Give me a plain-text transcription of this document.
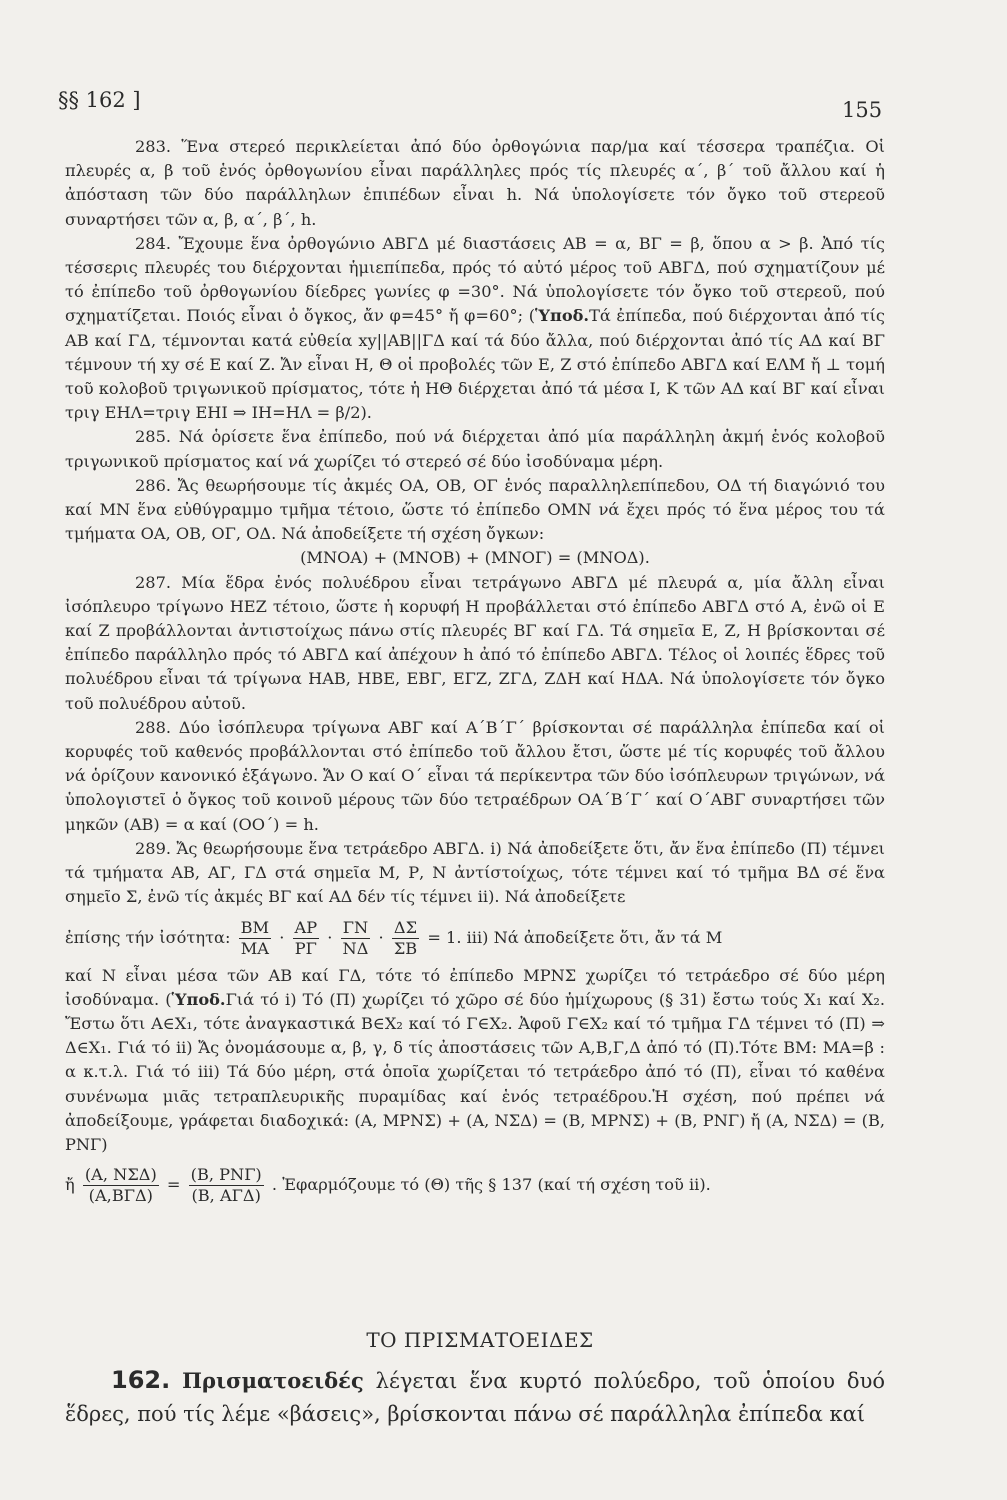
§§ 162 ]	155

283. Ἕνα στερεό περικλείεται ἀπό δύο ὀρθογώνια παρ/μα καί τέσσερα τραπέζια. Οἱ πλευρές α, β τοῦ ἑνός ὀρθογωνίου εἶναι παράλληλες πρός τίς πλευρές α΄, β΄ τοῦ ἄλλου καί ἡ ἀπόσταση τῶν δύο παράλληλων ἐπιπέδων εἶναι h. Νά ὑπολογίσετε τόν ὄγκο τοῦ στερεοῦ συναρτήσει τῶν α, β, α΄, β΄, h.

284. Ἔχουμε ἕνα ὀρθογώνιο ΑΒΓΔ μέ διαστάσεις ΑΒ = α, ΒΓ = β, ὅπου α > β. Ἀπό τίς τέσσερις πλευρές του διέρχονται ἡμιεπίπεδα, πρός τό αὐτό μέρος τοῦ ΑΒΓΔ, πού σχηματίζουν μέ τό ἐπίπεδο τοῦ ὀρθογωνίου δίεδρες γωνίες φ =30°. Νά ὑπολογίσετε τόν ὄγκο τοῦ στερεοῦ, πού σχηματίζεται. Ποιός εἶναι ὁ ὄγκος, ἄν φ=45° ἤ φ=60°; (Ὑποδ.Τά ἐπίπεδα, πού διέρχονται ἀπό τίς ΑΒ καί ΓΔ, τέμνονται κατά εὐθεία xy||AB||ΓΔ καί τά δύο ἄλλα, πού διέρχονται ἀπό τίς ΑΔ καί ΒΓ τέμνουν τή xy σέ Ε καί Ζ. Ἄν εἶναι Η, Θ οἱ προβολές τῶν Ε, Ζ στό ἐπίπεδο ΑΒΓΔ καί ΕΛΜ ἤ ⊥ τομή τοῦ κολοβοῦ τριγωνικοῦ πρίσματος, τότε ἡ ΗΘ διέρχεται ἀπό τά μέσα Ι, Κ τῶν ΑΔ καί ΒΓ καί εἶναι τριγ ΕΗΛ=τριγ ΕΗΙ ⇒ ΙΗ=ΗΛ = β/2).

285. Νά ὁρίσετε ἕνα ἐπίπεδο, πού νά διέρχεται ἀπό μία παράλληλη ἀκμή ἑνός κολοβοῦ τριγωνικοῦ πρίσματος καί νά χωρίζει τό στερεό σέ δύο ἰσοδύναμα μέρη.

286. Ἄς θεωρήσουμε τίς ἀκμές ΟΑ, ΟΒ, ΟΓ ἑνός παραλληλεπίπεδου, ΟΔ τή διαγώνιό του καί ΜΝ ἕνα εὐθύγραμμο τμῆμα τέτοιο, ὥστε τό ἐπίπεδο ΟΜΝ νά ἔχει πρός τό ἕνα μέρος του τά τμήματα ΟΑ, ΟΒ, ΟΓ, ΟΔ. Νά ἀποδείξετε τή σχέση ὄγκων:

(ΜΝΟΑ) + (ΜΝΟΒ) + (ΜΝΟΓ) = (ΜΝΟΔ).

287. Μία ἕδρα ἑνός πολυέδρου εἶναι τετράγωνο ΑΒΓΔ μέ πλευρά α, μία ἄλλη εἶναι ἰσόπλευρο τρίγωνο ΗΕΖ τέτοιο, ὥστε ἡ κορυφή Η προβάλλεται στό ἐπίπεδο ΑΒΓΔ στό Α, ἐνῶ οἱ Ε καί Ζ προβάλλονται ἀντιστοίχως πάνω στίς πλευρές ΒΓ καί ΓΔ. Τά σημεῖα Ε, Ζ, Η βρίσκονται σέ ἐπίπεδο παράλληλο πρός τό ΑΒΓΔ καί ἀπέχουν h ἀπό τό ἐπίπεδο ΑΒΓΔ. Τέλος οἱ λοιπές ἕδρες τοῦ πολυέδρου εἶναι τά τρίγωνα ΗΑΒ, ΗΒΕ, ΕΒΓ, ΕΓΖ, ΖΓΔ, ΖΔΗ καί ΗΔΑ. Νά ὑπολογίσετε τόν ὄγκο τοῦ πολυέδρου αὐτοῦ.

288. Δύο ἰσόπλευρα τρίγωνα ΑΒΓ καί Α΄Β΄Γ΄ βρίσκονται σέ παράλληλα ἐπίπεδα καί οἱ κορυφές τοῦ καθενός προβάλλονται στό ἐπίπεδο τοῦ ἄλλου ἔτσι, ὥστε μέ τίς κορυφές τοῦ ἄλλου νά ὁρίζουν κανονικό ἑξάγωνο. Ἄν Ο καί Ο΄ εἶναι τά περίκεντρα τῶν δύο ἰσόπλευρων τριγώνων, νά ὑπολογιστεῖ ὁ ὄγκος τοῦ κοινοῦ μέρους τῶν δύο τετραέδρων ΟΑ΄Β΄Γ΄ καί Ο΄ΑΒΓ συναρτήσει τῶν μηκῶν (ΑΒ) = α καί (ΟΟ΄) = h.

289. Ἄς θεωρήσουμε ἕνα τετράεδρο ΑΒΓΔ. i) Νά ἀποδείξετε ὅτι, ἄν ἕνα ἐπίπεδο (Π) τέμνει τά τμήματα ΑΒ, ΑΓ, ΓΔ στά σημεῖα Μ, Ρ, Ν ἀντίστοίχως, τότε τέμνει καί τό τμῆμα ΒΔ σέ ἕνα σημεῖο Σ, ἐνῶ τίς ἀκμές ΒΓ καί ΑΔ δέν τίς τέμνει ii). Νά ἀποδείξετε

ἐπίσης τήν ἰσότητα: $\frac{BM}{MA} \cdot \frac{AP}{P\Gamma} \cdot \frac{\Gamma N}{N\Delta} \cdot \frac{\Delta\Sigma}{\Sigma B} = 1$. iii) Νά ἀποδείξετε ὅτι, ἄν τά Μ
καί Ν εἶναι μέσα τῶν ΑΒ καί ΓΔ, τότε τό ἐπίπεδο ΜΡΝΣ χωρίζει τό τετράεδρο σέ δύο μέρη ἰσοδύναμα. (Ὑποδ.Γιά τό i) Τό (Π) χωρίζει τό χῶρο σέ δύο ἡμίχωρους (§ 31) ἔστω τούς Χ₁ καί Χ₂. Ἔστω ὅτι Α∈Χ₁, τότε ἀναγκαστικά Β∈Χ₂ καί τό Γ∈Χ₂. Ἀφοῦ Γ∈Χ₂ καί τό τμῆμα ΓΔ τέμνει τό (Π) ⇒ Δ∈Χ₁. Γιά τό ii) Ἄς ὀνομάσουμε α, β, γ, δ τίς ἀποστάσεις τῶν Α,Β,Γ,Δ ἀπό τό (Π).Τότε ΒΜ: ΜΑ=β : α κ.τ.λ. Γιά τό iii) Τά δύο μέρη, στά ὁποῖα χωρίζεται τό τετράεδρο ἀπό τό (Π), εἶναι τό καθένα συνένωμα μιᾶς τετραπλευρικῆς πυραμίδας καί ἑνός τετραέδρου.Ἡ σχέση, πού πρέπει νά ἀποδείξουμε, γράφεται διαδοχικά: (Α, ΜΡΝΣ) + (Α, ΝΣΔ) = (Β, ΜΡΝΣ) + (Β, ΡΝΓ) ἤ (Α, ΝΣΔ) = (Β, ΡΝΓ)
ἤ $\frac{\text{(Α, ΝΣΔ)}}{\text{(Α,ΒΓΔ)}} = \frac{\text{(Β, ΡΝΓ)}}{\text{(Β, ΑΓΔ)}}$ . Ἐφαρμόζουμε τό (Θ) τῆς § 137 (καί τή σχέση τοῦ ii).
ΤΟ ΠΡΙΣΜΑΤΟΕΙΔΕΣ
162. Πρισματοειδές λέγεται ἕνα κυρτό πολύεδρο, τοῦ ὁποίου δυό ἕδρες, πού τίς λέμε «βάσεις», βρίσκονται πάνω σέ παράλληλα ἐπίπεδα καί
